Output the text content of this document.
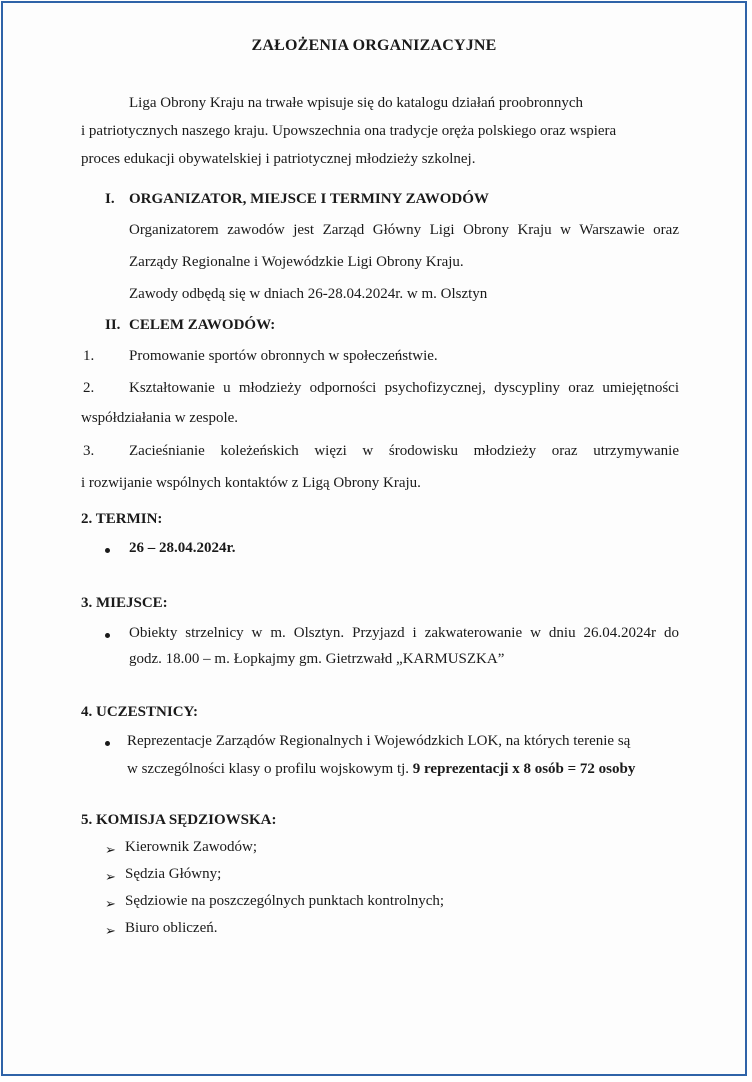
ZAŁOŻENIA ORGANIZACYJNE
Liga Obrony Kraju na trwałe wpisuje się do katalogu działań proobronnych
i patriotycznych naszego kraju. Upowszechnia ona tradycje oręża polskiego oraz wspiera
proces edukacji obywatelskiej i patriotycznej młodzieży szkolnej.
I. ORGANIZATOR, MIEJSCE I TERMINY ZAWODÓW
Organizatorem zawodów jest Zarząd Główny Ligi Obrony Kraju w Warszawie oraz
Zarządy Regionalne i Wojewódzkie Ligi Obrony Kraju.
Zawody odbędą się w dniach 26-28.04.2024r. w m. Olsztyn
II. CELEM ZAWODÓW:
1. Promowanie sportów obronnych w społeczeństwie.
2. Kształtowanie u młodzieży odporności psychofizycznej, dyscypliny oraz umiejętności
współdziałania w zespole.
3. Zacieśnianie koleżeńskich więzi w środowisku młodzieży oraz utrzymywanie
i rozwijanie wspólnych kontaktów z Ligą Obrony Kraju.
2. TERMIN:
26 – 28.04.2024r.
3. MIEJSCE:
Obiekty strzelnicy w m. Olsztyn. Przyjazd i zakwaterowanie w dniu 26.04.2024r do
godz. 18.00 – m. Łopkajmy gm. Gietrzwałd „KARMUSZKA”
4. UCZESTNICY:
Reprezentacje Zarządów Regionalnych i Wojewódzkich LOK, na których terenie są
w szczególności klasy o profilu wojskowym tj. 9 reprezentacji x 8 osób = 72 osoby
5. KOMISJA SĘDZIOWSKA:
➢ Kierownik Zawodów;
➢ Sędzia Główny;
➢ Sędziowie na poszczególnych punktach kontrolnych;
➢ Biuro obliczeń.
